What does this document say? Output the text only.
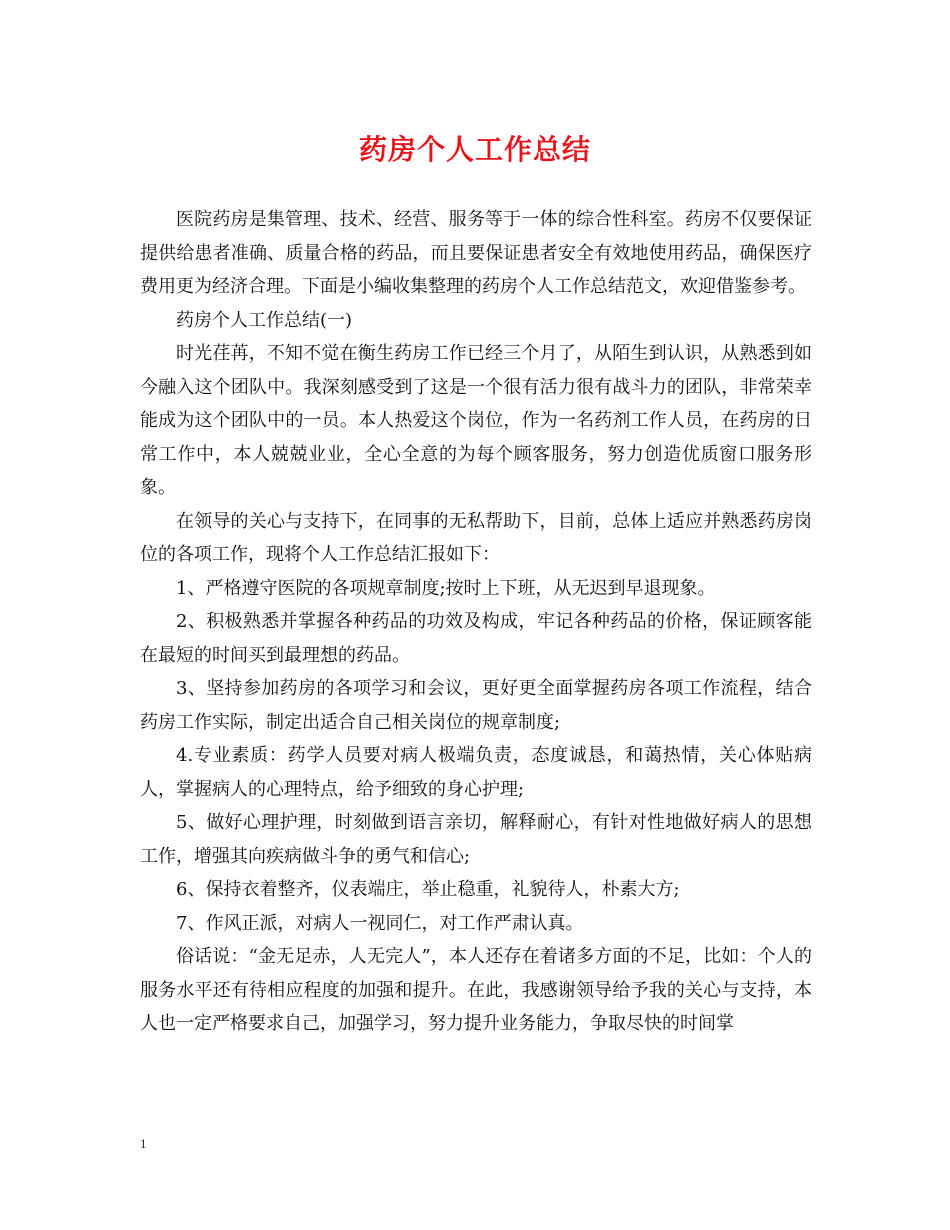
药房个人工作总结

医院药房是集管理、技术、经营、服务等于一体的综合性科室。药房不仅要保证提供给患者准确、质量合格的药品，而且要保证患者安全有效地使用药品，确保医疗费用更为经济合理。下面是小编收集整理的药房个人工作总结范文，欢迎借鉴参考。

药房个人工作总结(一)

时光荏苒，不知不觉在衡生药房工作已经三个月了，从陌生到认识，从熟悉到如今融入这个团队中。我深刻感受到了这是一个很有活力很有战斗力的团队，非常荣幸能成为这个团队中的一员。本人热爱这个岗位，作为一名药剂工作人员，在药房的日常工作中，本人兢兢业业，全心全意的为每个顾客服务，努力创造优质窗口服务形象。

在领导的关心与支持下，在同事的无私帮助下，目前，总体上适应并熟悉药房岗位的各项工作，现将个人工作总结汇报如下：

1、严格遵守医院的各项规章制度;按时上下班，从无迟到早退现象。

2、积极熟悉并掌握各种药品的功效及构成，牢记各种药品的价格，保证顾客能在最短的时间买到最理想的药品。

3、坚持参加药房的各项学习和会议，更好更全面掌握药房各项工作流程，结合药房工作实际，制定出适合自己相关岗位的规章制度;

4.专业素质：药学人员要对病人极端负责，态度诚恳，和蔼热情，关心体贴病人，掌握病人的心理特点，给予细致的身心护理;

5、做好心理护理，时刻做到语言亲切，解释耐心，有针对性地做好病人的思想工作，增强其向疾病做斗争的勇气和信心;

6、保持衣着整齐，仪表端庄，举止稳重，礼貌待人，朴素大方;

7、作风正派，对病人一视同仁，对工作严肃认真。

俗话说：“金无足赤，人无完人”，本人还存在着诸多方面的不足，比如：个人的服务水平还有待相应程度的加强和提升。在此，我感谢领导给予我的关心与支持，本人也一定严格要求自己，加强学习，努力提升业务能力，争取尽快的时间掌

1
